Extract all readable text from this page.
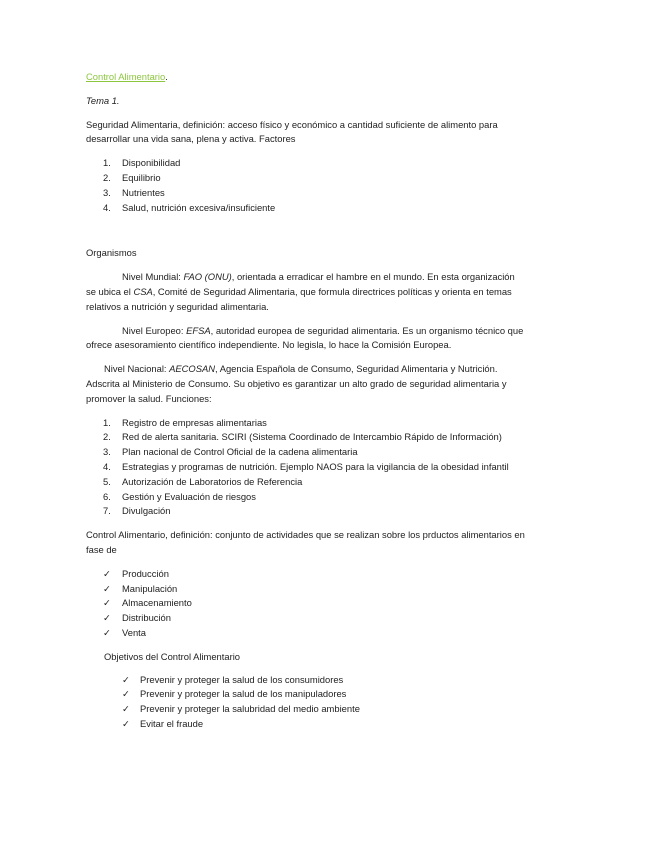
Control Alimentario.

Tema 1.

Seguridad Alimentaria, definición: acceso físico y económico a cantidad suficiente de alimento para desarrollar una vida sana, plena y activa. Factores

1. Disponibilidad
2. Equilibrio
3. Nutrientes
4. Salud, nutrición excesiva/insuficiente

Organismos

Nivel Mundial: FAO (ONU), orientada a erradicar el hambre en el mundo. En esta organización se ubica el CSA, Comité de Seguridad Alimentaria, que formula directrices políticas y orienta en temas relativos a nutrición y seguridad alimentaria.

Nivel Europeo: EFSA, autoridad europea de seguridad alimentaria. Es un organismo técnico que ofrece asesoramiento científico independiente. No legisla, lo hace la Comisión Europea.

Nivel Nacional: AECOSAN, Agencia Española de Consumo, Seguridad Alimentaria y Nutrición. Adscrita al Ministerio de Consumo. Su objetivo es garantizar un alto grado de seguridad alimentaria y promover la salud. Funciones:

1. Registro de empresas alimentarias
2. Red de alerta sanitaria. SCIRI (Sistema Coordinado de Intercambio Rápido de Información)
3. Plan nacional de Control Oficial de la cadena alimentaria
4. Estrategias y programas de nutrición. Ejemplo NAOS para la vigilancia de la obesidad infantil
5. Autorización de Laboratorios de Referencia
6. Gestión y Evaluación de riesgos
7. Divulgación

Control Alimentario, definición: conjunto de actividades que se realizan sobre los prductos alimentarios en fase de

✓ Producción
✓ Manipulación
✓ Almacenamiento
✓ Distribución
✓ Venta

Objetivos del Control Alimentario

✓ Prevenir y proteger la salud de los consumidores
✓ Prevenir y proteger la salud de los manipuladores
✓ Prevenir y proteger la salubridad del medio ambiente
✓ Evitar el fraude
